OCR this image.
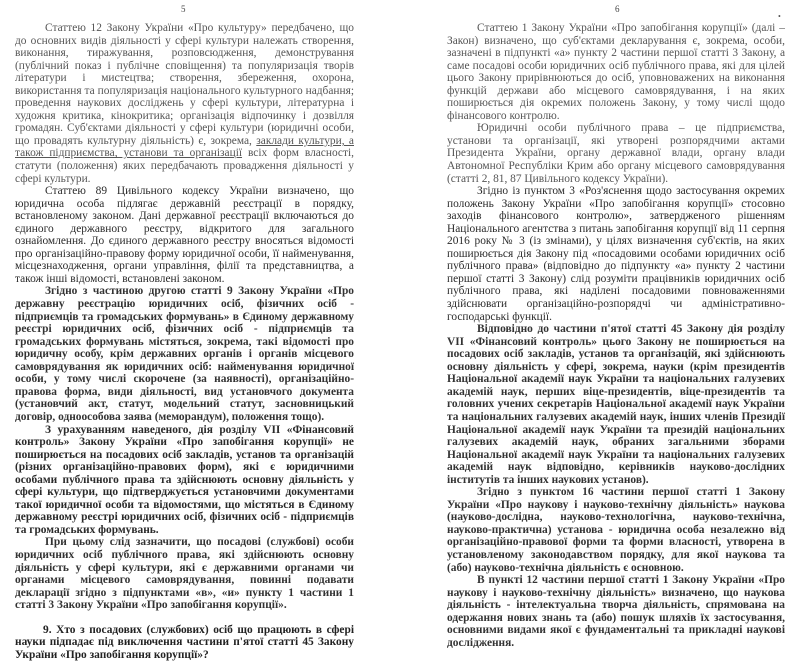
5

Статтею 12 Закону України «Про культуру» передбачено, що до основних видів діяльності у сфері культури належать створення, виконання, тиражування, розповсюдження, демонстрування (публічний показ і публічне сповіщення) та популяризація творів літератури і мистецтва; створення, збереження, охорона, використання та популяризація національного культурного надбання; проведення наукових досліджень у сфері культури, літературна і художня критика, кінокритика; організація відпочинку і дозвілля громадян. Суб'єктами діяльності у сфері культури (юридичні особи, що провадять культурну діяльність) є, зокрема, заклади культури, а також підприємства, установи та організації всіх форм власності, статути (положення) яких передбачають провадження діяльності у сфері культури.

Статтею 89 Цивільного кодексу України визначено, що юридична особа підлягає державній реєстрації в порядку, встановленому законом. Дані державної реєстрації включаються до єдиного державного реєстру, відкритого для загального ознайомлення. До єдиного державного реєстру вносяться відомості про організаційно-правову форму юридичної особи, її найменування, місцезнаходження, органи управління, філії та представництва, а також інші відомості, встановлені законом.

Згідно з частиною другою статті 9 Закону України «Про державну реєстрацію юридичних осіб, фізичних осіб - підприємців та громадських формувань» в Єдиному державному реєстрі юридичних осіб, фізичних осіб - підприємців та громадських формувань містяться, зокрема, такі відомості про юридичну особу, крім державних органів і органів місцевого самоврядування як юридичних осіб: найменування юридичної особи, у тому числі скорочене (за наявності), організаційно-правова форма, види діяльності, вид установчого документа (установчий акт, статут, модельний статут, засновницький договір, одноособова заява (меморандум), положення тощо).

З урахуванням наведеного, дія розділу VII «Фінансовий контроль» Закону України «Про запобігання корупції» не поширюється на посадових осіб закладів, установ та організацій (різних організаційно-правових форм), які є юридичними особами публічного права та здійснюють основну діяльність у сфері культури, що підтверджується установчими документами такої юридичної особи та відомостями, що містяться в Єдиному державному реєстрі юридичних осіб, фізичних осіб - підприємців та громадських формувань.

При цьому слід зазначити, що посадові (службові) особи юридичних осіб публічного права, які здійснюють основну діяльність у сфері культури, які є державними органами чи органами місцевого самоврядування, повинні подавати декларації згідно з підпунктами «в», «и» пункту 1 частини 1 статті 3 Закону України «Про запобігання корупції».

9. Хто з посадових (службових) осіб що працюють в сфері науки підпадає під виключення частини п'ятої статті 45 Закону України «Про запобігання корупції»?

6
•

Статтею 1 Закону України «Про запобігання корупції» (далі – Закон) визначено, що суб'єктами декларування є, зокрема, особи, зазначені в підпункті «а» пункту 2 частини першої статті 3 Закону, а саме посадові особи юридичних осіб публічного права, які для цілей цього Закону прирівнюються до осіб, уповноважених на виконання функцій держави або місцевого самоврядування, і на яких поширюється дія окремих положень Закону, у тому числі щодо фінансового контролю.

Юридичні особи публічного права – це підприємства, установи та організації, які утворені розпорядчими актами Президента України, органу державної влади, органу влади Автономної Республіки Крим або органу місцевого самоврядування (статті 2, 81, 87 Цивільного кодексу України).

Згідно із пунктом 3 «Роз'яснення щодо застосування окремих положень Закону України «Про запобігання корупції» стосовно заходів фінансового контролю», затвердженого рішенням Національного агентства з питань запобігання корупції від 11 серпня 2016 року № 3 (із змінами), у цілях визначення суб'єктів, на яких поширюється дія Закону під «посадовими особами юридичних осіб публічного права» (відповідно до підпункту «а» пункту 2 частини першої статті 3 Закону) слід розуміти працівників юридичних осіб публічного права, які наділені посадовими повноваженнями здійснювати організаційно-розпорядчі чи адміністративно-господарські функції.

Відповідно до частини п'ятої статті 45 Закону дія розділу VII «Фінансовий контроль» цього Закону не поширюється на посадових осіб закладів, установ та організацій, які здійснюють основну діяльність у сфері, зокрема, науки (крім президентів Національної академії наук України та національних галузевих академій наук, перших віце-президентів, віце-президентів та головних учених секретарів Національної академії наук України та національних галузевих академій наук, інших членів Президії Національної академії наук України та президій національних галузевих академій наук, обраних загальними зборами Національної академії наук України та національних галузевих академій наук відповідно, керівників науково-дослідних інститутів та інших наукових установ).

Згідно з пунктом 16 частини першої статті 1 Закону України «Про наукову і науково-технічну діяльність» наукова (науково-дослідна, науково-технологічна, науково-технічна, науково-практична) установа - юридична особа незалежно від організаційно-правової форми та форми власності, утворена в установленому законодавством порядку, для якої наукова та (або) науково-технічна діяльність є основною.

В пункті 12 частини першої статті 1 Закону України «Про наукову і науково-технічну діяльність» визначено, що наукова діяльність - інтелектуальна творча діяльність, спрямована на одержання нових знань та (або) пошук шляхів їх застосування, основними видами якої є фундаментальні та прикладні наукові дослідження.
